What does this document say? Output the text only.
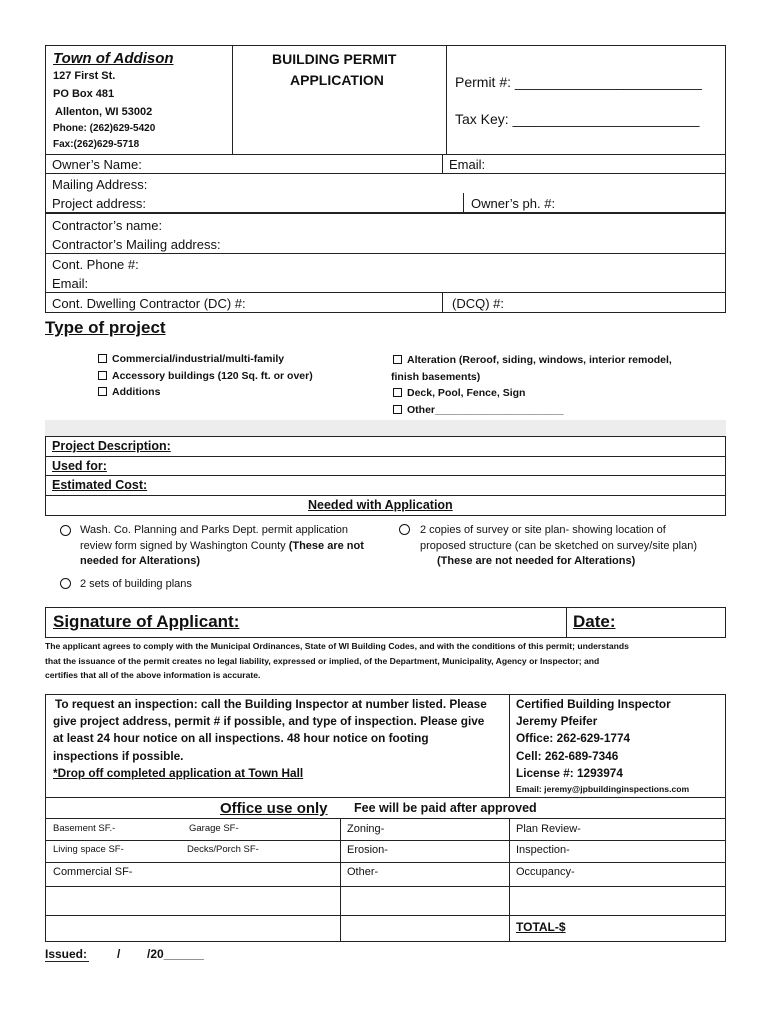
Town of Addison
127 First St.
PO Box 481
Allenton, WI 53002
Phone: (262)629-5420
Fax:(262)629-5718
BUILDING PERMIT
APPLICATION	Permit #: ________________________
Tax Key: ________________________
Owner’s Name:	Email:
Mailing Address:
Project address:	Owner’s ph. #:
Contractor’s name:
Contractor’s Mailing address:
Cont. Phone #:
Email:
Cont. Dwelling Contractor (DC) #:	(DCQ) #:
Type of project
Commercial/industrial/multi-family
Accessory buildings (120 Sq. ft. or over)
Additions
Alteration (Reroof, siding, windows, interior remodel,
finish basements)
Deck, Pool, Fence, Sign
Other______________________
Project Description:
Used for:
Estimated Cost:
Needed with Application
Wash. Co. Planning and Parks Dept. permit application
review form signed by Washington County (These are not
needed for Alterations)
2 sets of building plans
2 copies of survey or site plan- showing location of
proposed structure (can be sketched on survey/site plan)
(These are not needed for Alterations)
Signature of Applicant:	Date:
The applicant agrees to comply with the Municipal Ordinances, State of WI Building Codes, and with the conditions of this permit; understands
that the issuance of the permit creates no legal liability, expressed or implied, of the Department, Municipality, Agency or Inspector; and
certifies that all of the above information is accurate.
To request an inspection: call the Building Inspector at number listed. Please
give project address, permit # if possible, and type of inspection. Please give
at least 24 hour notice on all inspections. 48 hour notice on footing
inspections if possible.
*Drop off completed application at Town Hall
Certified Building Inspector
Jeremy Pfeifer
Office: 262-629-1774
Cell: 262-689-7346
License #: 1293974
Email: jeremy@jpbuildinginspections.com
Office use only Fee will be paid after approved
Basement SF.-	Garage SF-	Zoning-	Plan Review-
Living space SF-	Decks/Porch SF-	Erosion-	Inspection-
Commercial SF-	Other-	Occupancy-
TOTAL-$
Issued:	/        /20______
